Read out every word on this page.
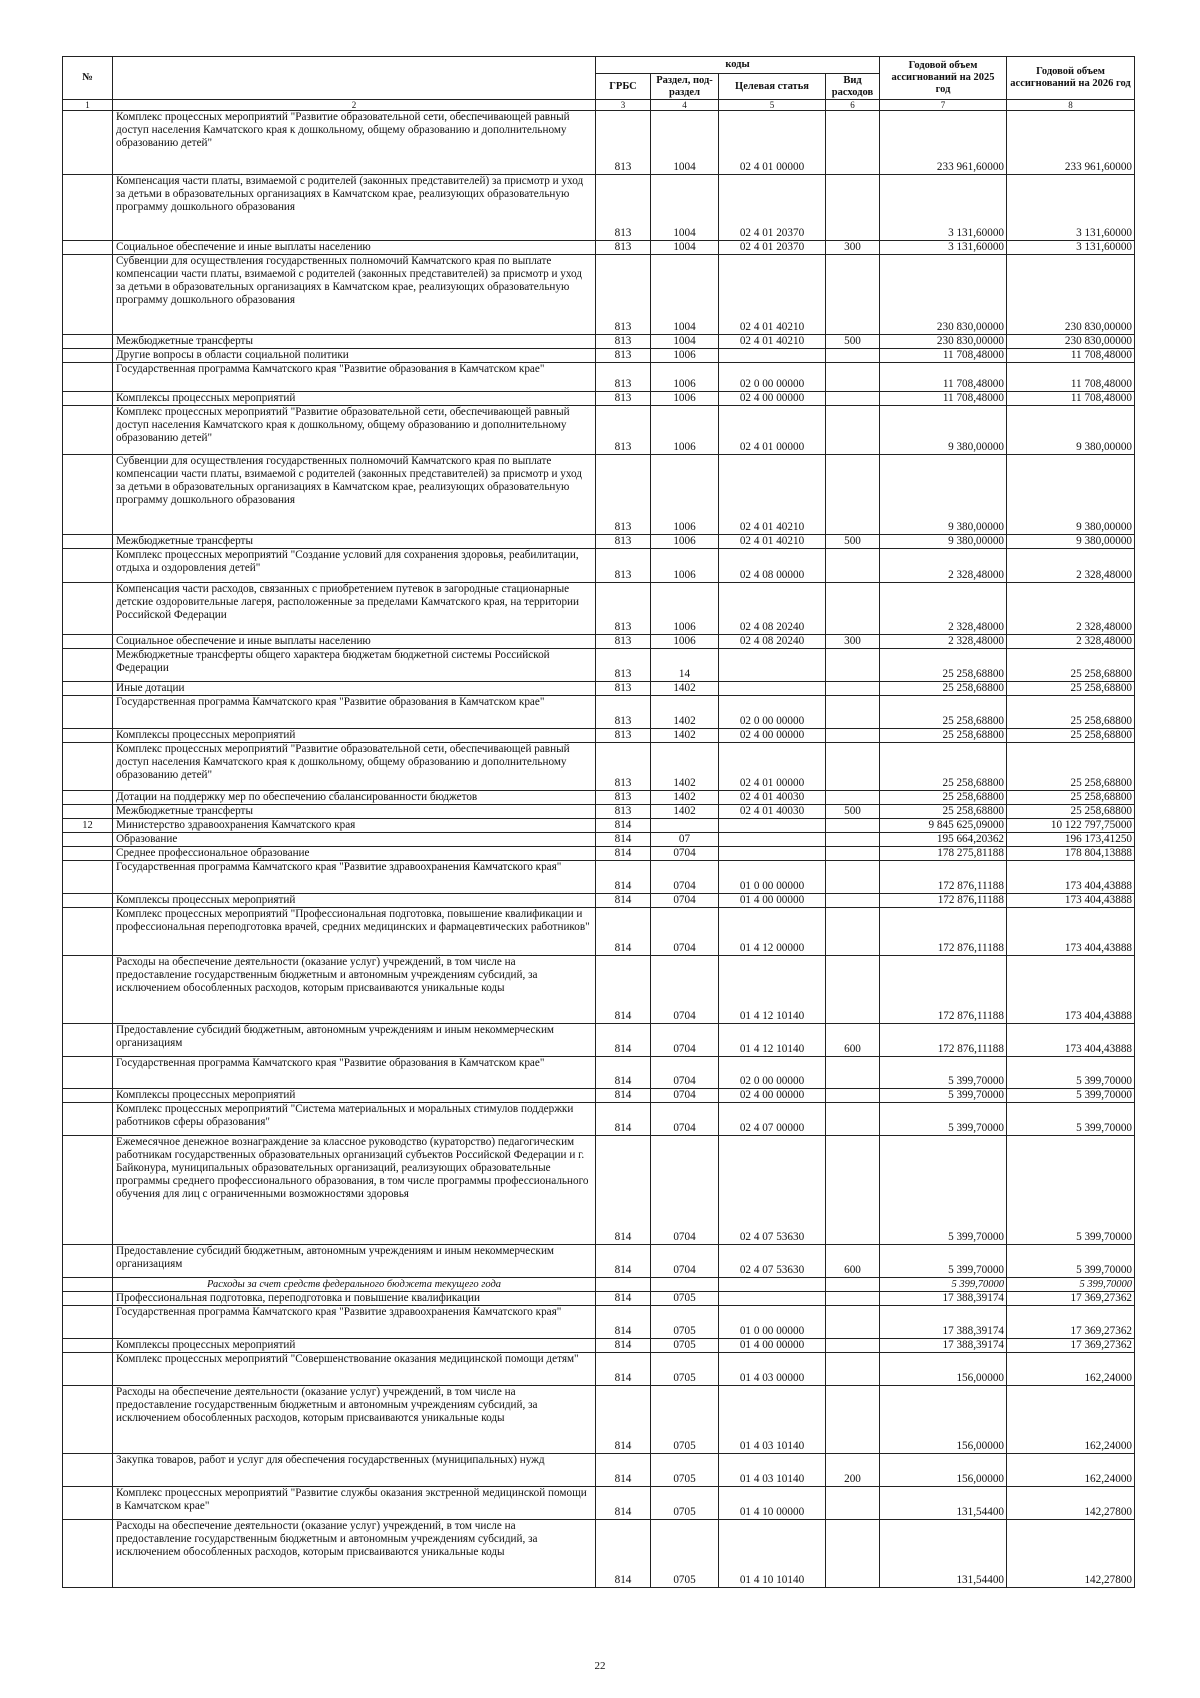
№		коды				Годовой объем ассигнований на 2025 год	Годовой объем ассигнований на 2026 год
		ГРБС	Раздел, под-раздел	Целевая статья	Вид расходов		
1	2	3	4	5	6	7	8
	Комплекс процессных мероприятий "Развитие образовательной сети, обеспечивающей равный доступ населения Камчатского края к дошкольному, общему образованию и дополнительному образованию детей"	813	1004	02 4 01 00000		233 961,60000	233 961,60000
	Компенсация части платы, взимаемой с родителей (законных представителей) за присмотр и уход за детьми в образовательных организациях в Камчатском крае, реализующих образовательную программу дошкольного образования	813	1004	02 4 01 20370		3 131,60000	3 131,60000
	Социальное обеспечение и иные выплаты населению	813	1004	02 4 01 20370	300	3 131,60000	3 131,60000
	Субвенции для осуществления государственных полномочий Камчатского края по выплате компенсации части платы, взимаемой с родителей (законных представителей) за присмотр и уход за детьми в образовательных организациях в Камчатском крае, реализующих образовательную программу дошкольного образования	813	1004	02 4 01 40210		230 830,00000	230 830,00000
	Межбюджетные трансферты	813	1004	02 4 01 40210	500	230 830,00000	230 830,00000
	Другие вопросы в области социальной политики	813	1006			11 708,48000	11 708,48000
	Государственная программа Камчатского края "Развитие образования в Камчатском крае"	813	1006	02 0 00 00000		11 708,48000	11 708,48000
	Комплексы процессных мероприятий	813	1006	02 4 00 00000		11 708,48000	11 708,48000
	Комплекс процессных мероприятий "Развитие образовательной сети, обеспечивающей равный доступ населения Камчатского края к дошкольному, общему образованию и дополнительному образованию детей"	813	1006	02 4 01 00000		9 380,00000	9 380,00000
	Субвенции для осуществления государственных полномочий Камчатского края по выплате компенсации части платы, взимаемой с родителей (законных представителей) за присмотр и уход за детьми в образовательных организациях в Камчатском крае, реализующих образовательную программу дошкольного образования	813	1006	02 4 01 40210		9 380,00000	9 380,00000
	Межбюджетные трансферты	813	1006	02 4 01 40210	500	9 380,00000	9 380,00000
	Комплекс процессных мероприятий "Создание условий для сохранения здоровья, реабилитации, отдыха и оздоровления детей"	813	1006	02 4 08 00000		2 328,48000	2 328,48000
	Компенсация части расходов, связанных с приобретением путевок в загородные стационарные детские оздоровительные лагеря, расположенные за пределами Камчатского края, на территории Российской Федерации	813	1006	02 4 08 20240		2 328,48000	2 328,48000
	Социальное обеспечение и иные выплаты населению	813	1006	02 4 08 20240	300	2 328,48000	2 328,48000
	Межбюджетные трансферты общего характера бюджетам бюджетной системы Российской Федерации	813	14			25 258,68800	25 258,68800
	Иные дотации	813	1402			25 258,68800	25 258,68800
	Государственная программа Камчатского края "Развитие образования в Камчатском крае"	813	1402	02 0 00 00000		25 258,68800	25 258,68800
	Комплексы процессных мероприятий	813	1402	02 4 00 00000		25 258,68800	25 258,68800
	Комплекс процессных мероприятий "Развитие образовательной сети, обеспечивающей равный доступ населения Камчатского края к дошкольному, общему образованию и дополнительному образованию детей"	813	1402	02 4 01 00000		25 258,68800	25 258,68800
	Дотации на поддержку мер по обеспечению сбалансированности бюджетов	813	1402	02 4 01 40030		25 258,68800	25 258,68800
	Межбюджетные трансферты	813	1402	02 4 01 40030	500	25 258,68800	25 258,68800
12	Министерство здравоохранения Камчатского края	814				9 845 625,09000	10 122 797,75000
	Образование	814	07			195 664,20362	196 173,41250
	Среднее профессиональное образование	814	0704			178 275,81188	178 804,13888
	Государственная программа Камчатского края "Развитие здравоохранения Камчатского края"	814	0704	01 0 00 00000		172 876,11188	173 404,43888
	Комплексы процессных мероприятий	814	0704	01 4 00 00000		172 876,11188	173 404,43888
	Комплекс процессных мероприятий "Профессиональная подготовка, повышение квалификации и профессиональная переподготовка врачей, средних медицинских и фармацевтических работников"	814	0704	01 4 12 00000		172 876,11188	173 404,43888
	Расходы на обеспечение деятельности (оказание услуг) учреждений, в том числе на предоставление государственным бюджетным и автономным учреждениям субсидий, за исключением обособленных расходов, которым присваиваются уникальные коды	814	0704	01 4 12 10140		172 876,11188	173 404,43888
	Предоставление субсидий бюджетным, автономным учреждениям и иным некоммерческим организациям	814	0704	01 4 12 10140	600	172 876,11188	173 404,43888
	Государственная программа Камчатского края "Развитие образования в Камчатском крае"	814	0704	02 0 00 00000		5 399,70000	5 399,70000
	Комплексы процессных мероприятий	814	0704	02 4 00 00000		5 399,70000	5 399,70000
	Комплекс процессных мероприятий "Система материальных и моральных стимулов поддержки работников сферы образования"	814	0704	02 4 07 00000		5 399,70000	5 399,70000
	Ежемесячное денежное вознаграждение за классное руководство (кураторство) педагогическим работникам государственных образовательных организаций субъектов Российской Федерации и г. Байконура, муниципальных образовательных организаций, реализующих образовательные программы среднего профессионального образования, в том числе программы профессионального обучения для лиц с ограниченными возможностями здоровья	814	0704	02 4 07 53630		5 399,70000	5 399,70000
	Предоставление субсидий бюджетным, автономным учреждениям и иным некоммерческим организациям	814	0704	02 4 07 53630	600	5 399,70000	5 399,70000
	Расходы за счет средств федерального бюджета текущего года					5 399,70000	5 399,70000
	Профессиональная подготовка, переподготовка и повышение квалификации	814	0705			17 388,39174	17 369,27362
	Государственная программа Камчатского края "Развитие здравоохранения Камчатского края"	814	0705	01 0 00 00000		17 388,39174	17 369,27362
	Комплексы процессных мероприятий	814	0705	01 4 00 00000		17 388,39174	17 369,27362
	Комплекс процессных мероприятий "Совершенствование оказания медицинской помощи детям"	814	0705	01 4 03 00000		156,00000	162,24000
	Расходы на обеспечение деятельности (оказание услуг) учреждений, в том числе на предоставление государственным бюджетным и автономным учреждениям субсидий, за исключением обособленных расходов, которым присваиваются уникальные коды	814	0705	01 4 03 10140		156,00000	162,24000
	Закупка товаров, работ и услуг для обеспечения государственных (муниципальных) нужд	814	0705	01 4 03 10140	200	156,00000	162,24000
	Комплекс процессных мероприятий "Развитие службы оказания экстренной медицинской помощи в Камчатском крае"	814	0705	01 4 10 00000		131,54400	142,27800
	Расходы на обеспечение деятельности (оказание услуг) учреждений, в том числе на предоставление государственным бюджетным и автономным учреждениям субсидий, за исключением обособленных расходов, которым присваиваются уникальные коды	814	0705	01 4 10 10140		131,54400	142,27800
22
